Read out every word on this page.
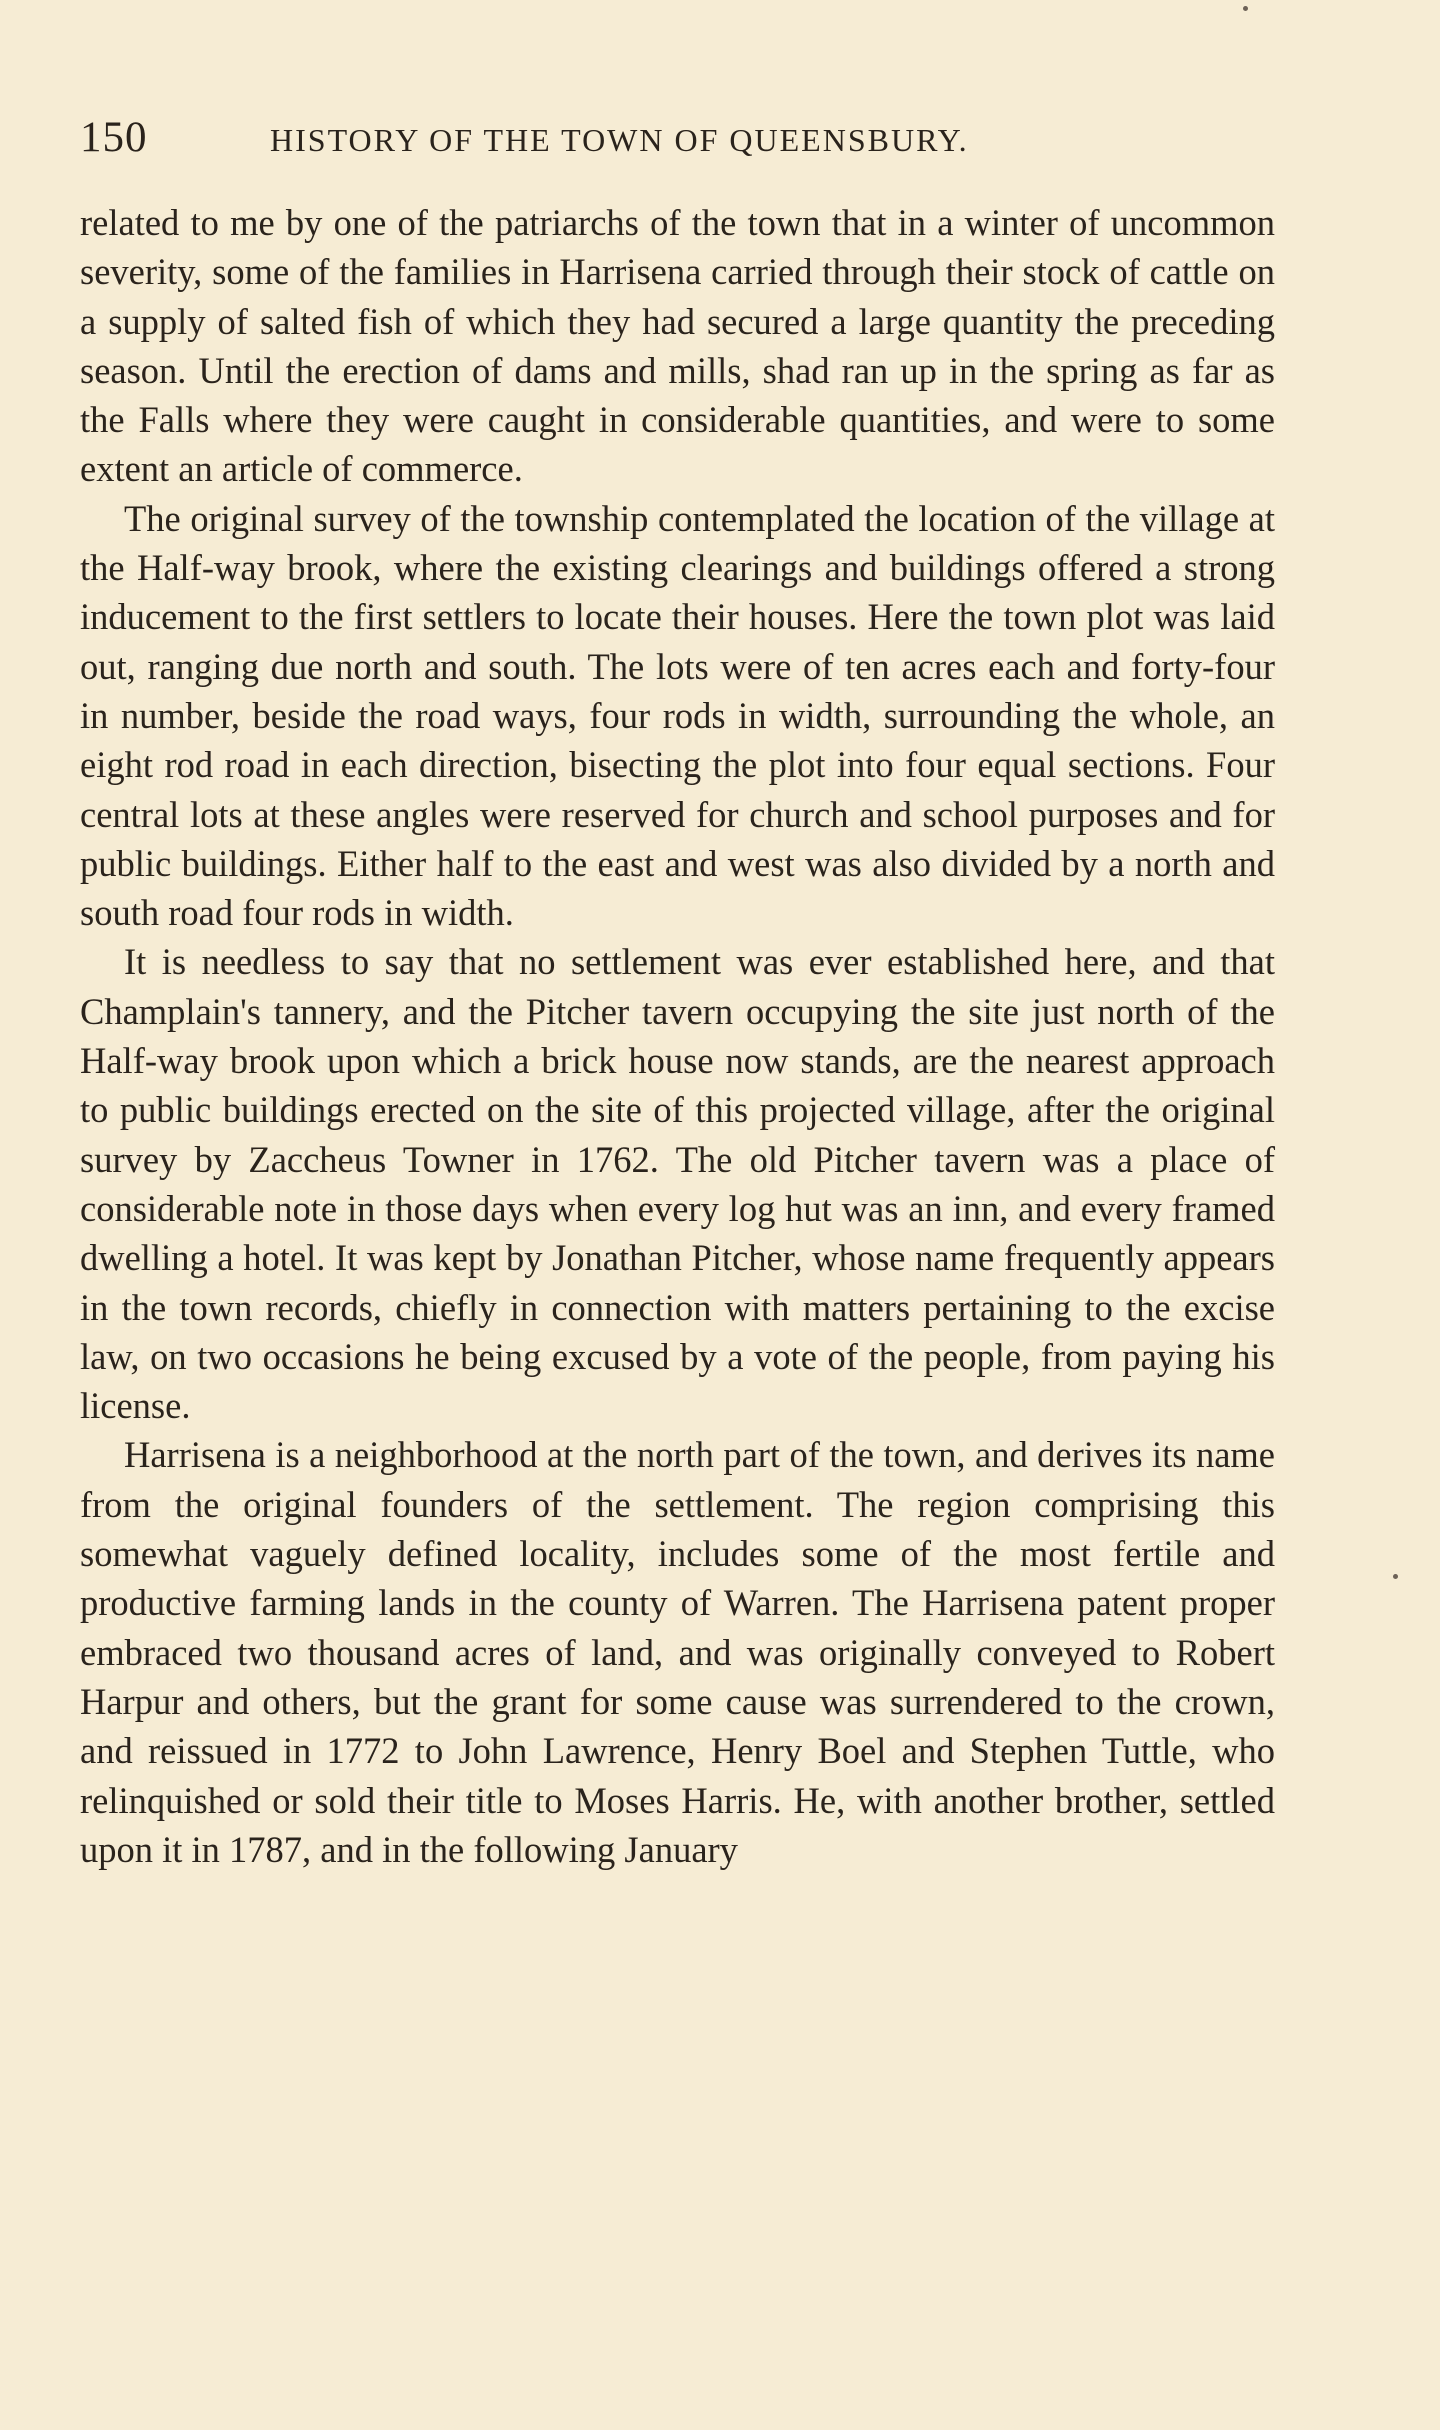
150	HISTORY OF THE TOWN OF QUEENSBURY.

related to me by one of the patriarchs of the town that in a winter of uncommon severity, some of the families in Harrisena carried through their stock of cattle on a supply of salted fish of which they had secured a large quantity the preceding season. Until the erection of dams and mills, shad ran up in the spring as far as the Falls where they were caught in considerable quantities, and were to some extent an article of commerce.

The original survey of the township contemplated the location of the village at the Half-way brook, where the existing clearings and buildings offered a strong inducement to the first settlers to locate their houses. Here the town plot was laid out, ranging due north and south. The lots were of ten acres each and forty-four in number, beside the road ways, four rods in width, surrounding the whole, an eight rod road in each direction, bisecting the plot into four equal sections. Four central lots at these angles were reserved for church and school purposes and for public buildings. Either half to the east and west was also divided by a north and south road four rods in width.

It is needless to say that no settlement was ever established here, and that Champlain's tannery, and the Pitcher tavern occupying the site just north of the Half-way brook upon which a brick house now stands, are the nearest approach to public buildings erected on the site of this projected village, after the original survey by Zaccheus Towner in 1762. The old Pitcher tavern was a place of considerable note in those days when every log hut was an inn, and every framed dwelling a hotel. It was kept by Jonathan Pitcher, whose name frequently appears in the town records, chiefly in connection with matters pertaining to the excise law, on two occasions he being excused by a vote of the people, from paying his license.

Harrisena is a neighborhood at the north part of the town, and derives its name from the original founders of the settlement. The region comprising this somewhat vaguely defined locality, includes some of the most fertile and productive farming lands in the county of Warren. The Harrisena patent proper embraced two thousand acres of land, and was originally conveyed to Robert Harpur and others, but the grant for some cause was surrendered to the crown, and reissued in 1772 to John Lawrence, Henry Boel and Stephen Tuttle, who relinquished or sold their title to Moses Harris. He, with another brother, settled upon it in 1787, and in the following January
